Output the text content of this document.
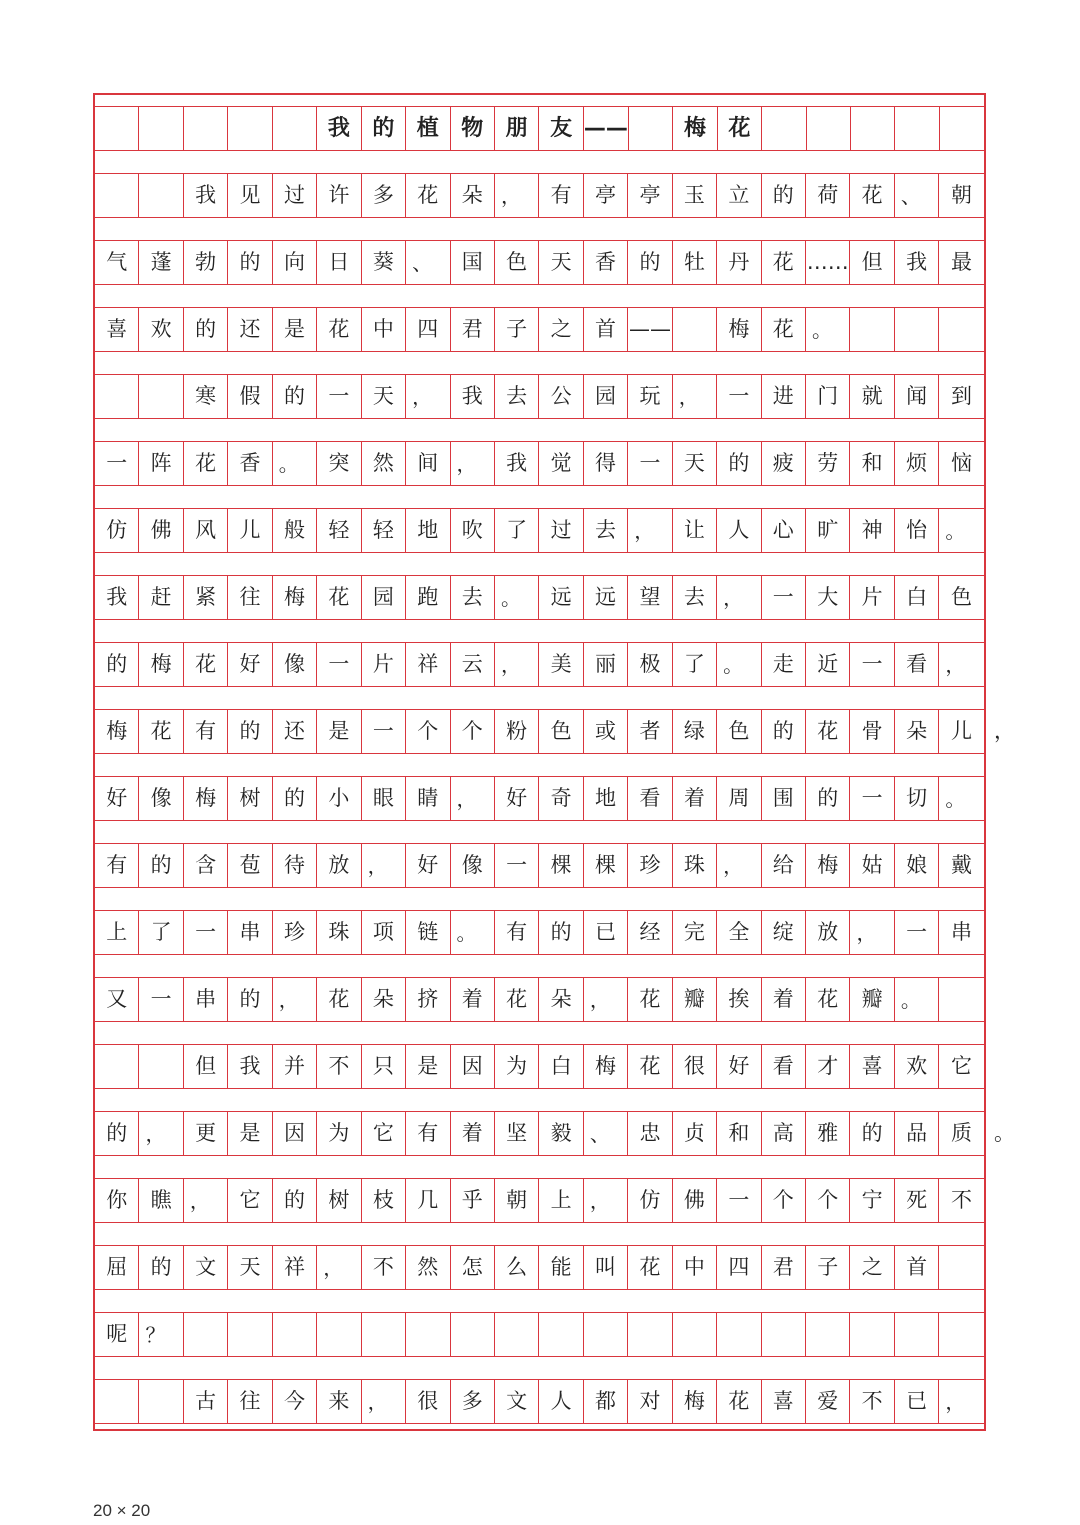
我	的	植	物	朋	友 ——	梅	花
我	见	过	许	多	花	朵 ，	有	亭	亭	玉	立	的	荷	花 、	朝
气	蓬	勃	的	向	日	葵 、	国	色	天	香	的	牡	丹	花 …… 但	我	最
喜	欢	的	还	是	花	中	四	君	子	之	首 ——	梅	花 。
寒	假	的	一	天 ，	我	去	公	园	玩 ，	一	进	门	就	闻	到
一	阵	花	香 。	突	然	间 ，	我	觉	得	一	天	的	疲	劳	和	烦	恼
仿	佛	风	儿	般	轻	轻	地	吹	了	过	去 ，	让	人	心	旷	神	怡 。
我	赶	紧	往	梅	花	园	跑	去 。	远	远	望	去 ，	一	大	片	白	色
的	梅	花	好	像	一	片	祥	云 ，	美	丽	极	了 。	走	近	一	看 ，
梅	花	有	的	还	是	一	个	个	粉	色	或	者	绿	色	的	花	骨	朵	儿
好	像	梅	树	的	小	眼	睛 ，	好	奇	地	看	着	周	围	的	一	切 。
有	的	含	苞	待	放 ，	好	像	一	棵	棵	珍	珠 ，	给	梅	姑	娘	戴
上	了	一	串	珍	珠	项	链 。	有	的	已	经	完	全	绽	放 ，	一	串
又	一	串	的 ，	花	朵	挤	着	花	朵 ，	花	瓣	挨	着	花	瓣 。
但	我	并	不	只	是	因	为	白	梅	花	很	好	看	才	喜	欢	它
的 ，	更	是	因	为	它	有	着	坚	毅 、	忠	贞	和	高	雅	的	品	质
你	瞧 ，	它	的	树	枝	几	乎	朝	上 ，	仿	佛	一	个	个	宁	死	不
屈	的	文	天	祥 ，	不	然	怎	么	能	叫	花	中	四	君	子	之	首
呢 ？
古	往	今	来 ，	很	多	文	人	都	对	梅	花	喜	爱	不	已 ，
20 × 20
，
。
